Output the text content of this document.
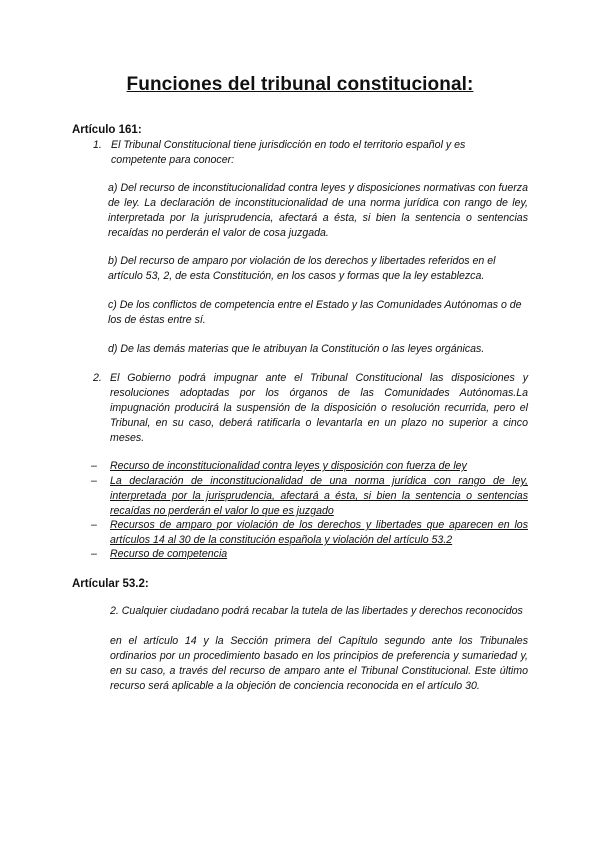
Funciones del tribunal constitucional:
Artículo 161:
1. El Tribunal Constitucional tiene jurisdicción en todo el territorio español y es competente para conocer:
a) Del recurso de inconstitucionalidad contra leyes y disposiciones normativas con fuerza de ley. La declaración de inconstitucionalidad de una norma jurídica con rango de ley, interpretada por la jurisprudencia, afectará a ésta, si bien la sentencia o sentencias recaídas no perderán el valor de cosa juzgada.
b) Del recurso de amparo por violación de los derechos y libertades referidos en el artículo 53, 2, de esta Constitución, en los casos y formas que la ley establezca.
c) De los conflictos de competencia entre el Estado y las Comunidades Autónomas o de los de éstas entre sí.
d) De las demás materias que le atribuyan la Constitución o las leyes orgánicas.
2. El Gobierno podrá impugnar ante el Tribunal Constitucional las disposiciones y resoluciones adoptadas por los órganos de las Comunidades Autónomas.La impugnación producirá la suspensión de la disposición o resolución recurrida, pero el Tribunal, en su caso, deberá ratificarla o levantarla en un plazo no superior a cinco meses.
– Recurso de inconstitucionalidad contra leyes y disposición con fuerza de ley
– La declaración de inconstitucionalidad de una norma jurídica con rango de ley, interpretada por la jurisprudencia, afectará a ésta, si bien la sentencia o sentencias recaídas no perderán el valor lo que es juzgado
– Recursos de amparo por violación de los derechos y libertades que aparecen en los artículos 14 al 30 de la constitución española y violación del artículo 53.2
– Recurso de competencia
Artícular 53.2:
2. Cualquier ciudadano podrá recabar la tutela de las libertades y derechos reconocidos
en el artículo 14 y la Sección primera del Capítulo segundo ante los Tribunales ordinarios por un procedimiento basado en los principios de preferencia y sumariedad y, en su caso, a través del recurso de amparo ante el Tribunal Constitucional. Este último recurso será aplicable a la objeción de conciencia reconocida en el artículo 30.
